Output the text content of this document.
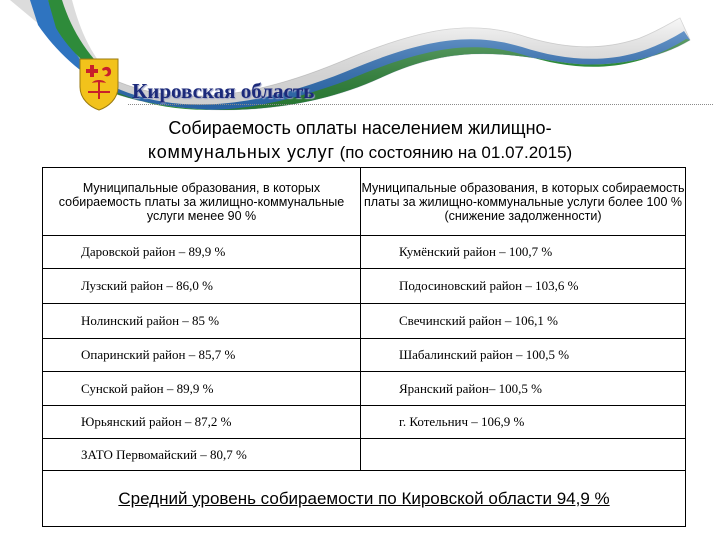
Кировская область
Собираемость оплаты населением жилищно-
коммунальных услуг (по состоянию на 01.07.2015)
Муниципальные образования, в которых собираемость платы за жилищно-коммунальные услуги менее 90 %	Муниципальные образования, в которых собираемость платы за жилищно-коммунальные услуги более 100 % (снижение задолженности)
Даровской район – 89,9 %	Кумёнский район – 100,7 %
Лузский район – 86,0 %	Подосиновский район – 103,6 %
Нолинский район – 85 %	Свечинский район – 106,1 %
Опаринский район – 85,7 %	Шабалинский район – 100,5 %
Сунской район – 89,9 %	Яранский район– 100,5 %
Юрьянский район – 87,2 %	г. Котельнич – 106,9 %
ЗАТО Первомайский – 80,7 %	
Средний уровень собираемости по Кировской области 94,9 %	
